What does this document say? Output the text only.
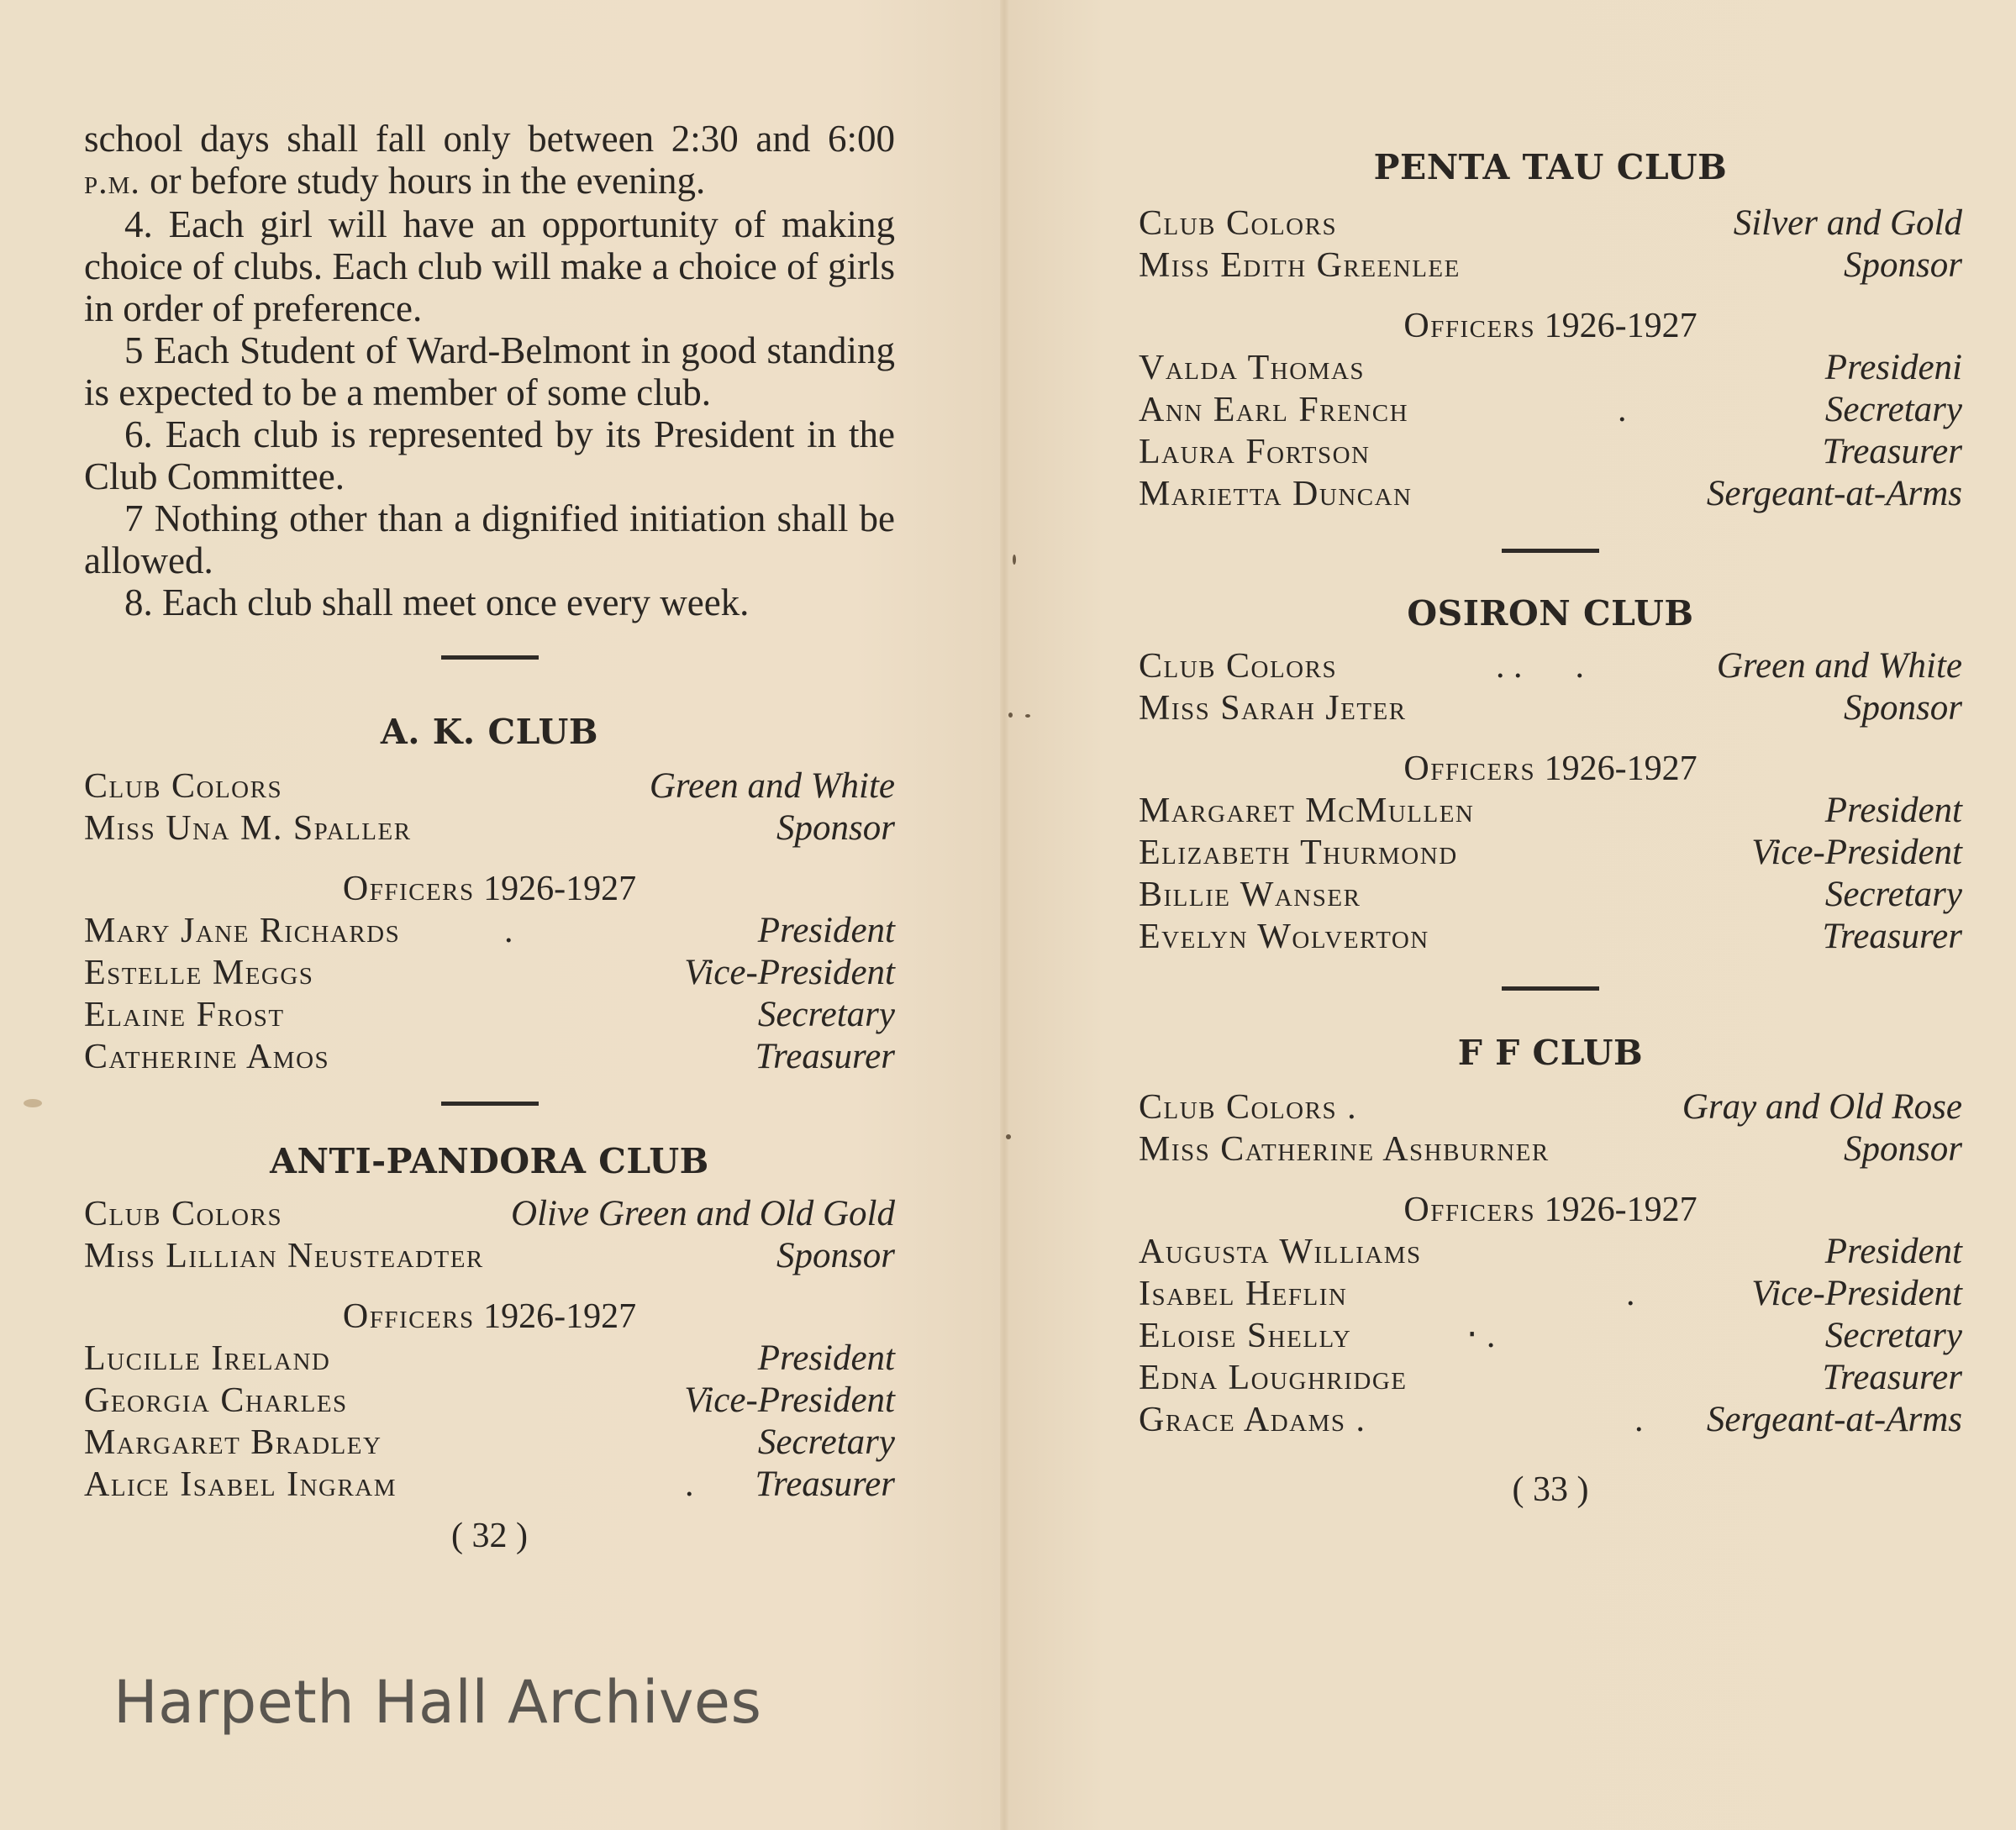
school days shall fall only between 2:30 and 6:00 p.m. or before study hours in the evening.

4. Each girl will have an opportunity of making choice of clubs. Each club will make a choice of girls in order of preference.

5 Each Student of Ward-Belmont in good standing is expected to be a member of some club.

6. Each club is represented by its President in the Club Committee.

7 Nothing other than a dignified initiation shall be allowed.

8. Each club shall meet once every week.

A. K. CLUB
Club Colors	Green and White
Miss Una M. Spaller	Sponsor
Officers 1926-1927
Mary Jane Richards	.	President
Estelle Meggs	Vice-President
Elaine Frost	Secretary
Catherine Amos	Treasurer
ANTI-PANDORA CLUB
Club Colors	Olive Green and Old Gold
Miss Lillian Neusteadter	Sponsor
Officers 1926-1927
Lucille Ireland	President
Georgia Charles	Vice-President
Margaret Bradley	Secretary
Alice Isabel Ingram	. Treasurer
( 32 )
PENTA TAU CLUB
Club Colors	Silver and Gold
Miss Edith Greenlee	Sponsor
Officers 1926-1927
Valda Thomas	Presideni
Ann Earl French	.	Secretary
Laura Fortson	Treasurer
Marietta Duncan	Sergeant-at-Arms
OSIRON CLUB
Club Colors	. .      .	Green and White
Miss Sarah Jeter	Sponsor
Officers 1926-1927
Margaret McMullen	President
Elizabeth Thurmond	Vice-President
Billie Wanser	Secretary
Evelyn Wolverton	Treasurer
F F CLUB
Club Colors .	Gray and Old Rose
Miss Catherine Ashburner	Sponsor
Officers 1926-1927
Augusta Williams	President
Isabel Heflin	.	Vice-President
Eloise Shelly	‧ .	Secretary
Edna Loughridge	Treasurer
Grace Adams .	. Sergeant-at-Arms
( 33 )
Harpeth Hall Archives
